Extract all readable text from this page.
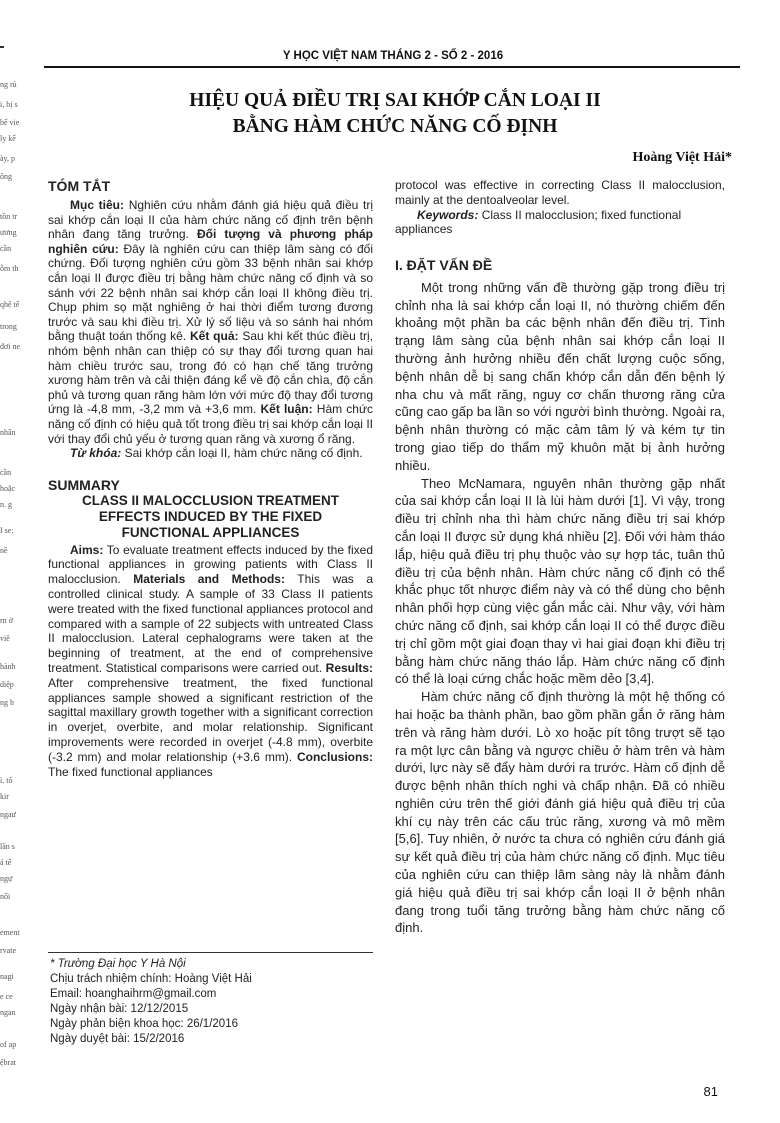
ng rủ
i, bị s
bể vie
ly kế
ày, p
ông
tồn tr
ương
cần
ỗm th
qhệ tế
trong
đơi ne
nhân
cần
hoặc
n. g
I se:
nề
rn ở
viê
hành
diệp
ng h
ì. tố
kir
ngaư
lần s
á tế
ngự
nối
ement
rvate
nagi
e ce
ngan
of ap
ệbrat
Y HỌC VIỆT NAM THÁNG 2 - SỐ 2 - 2016
HIỆU QUẢ ĐIỀU TRỊ SAI KHỚP CẮN LOẠI II
BẰNG HÀM CHỨC NĂNG CỐ ĐỊNH
Hoàng Việt Hải*
TÓM TẮT

Mục tiêu: Nghiên cứu nhằm đánh giá hiệu quả điều trị sai khớp cắn loại II của hàm chức năng cố định trên bệnh nhân đang tăng trưởng. Đối tượng và phương pháp nghiên cứu: Đây là nghiên cứu can thiệp lâm sàng có đối chứng. Đối tượng nghiên cứu gồm 33 bệnh nhân sai khớp cắn loại II được điều trị bằng hàm chức năng cố định và so sánh với 22 bệnh nhân sai khớp cắn loại II không điều trị. Chụp phim sọ mặt nghiêng ở hai thời điểm tương đương trước và sau khi điều trị. Xử lý số liệu và so sánh hai nhóm bằng thuật toán thống kê. Kết quả: Sau khi kết thúc điều trị, nhóm bệnh nhân can thiệp có sự thay đổi tương quan hai hàm chiều trước sau, trong đó có hạn chế tăng trưởng xương hàm trên và cải thiện đáng kể về độ cắn chìa, độ cắn phủ và tương quan răng hàm lớn với mức độ thay đổi tương ứng là -4,8 mm, -3,2 mm và +3,6 mm. Kết luận: Hàm chức năng cố định có hiệu quả tốt trong điều trị sai khớp cắn loại II với thay đổi chủ yếu ở tương quan răng và xương ổ răng.

Từ khóa: Sai khớp cắn loại II, hàm chức năng cố định.

SUMMARY
CLASS II MALOCCLUSION TREATMENT
EFFECTS INDUCED BY THE FIXED
FUNCTIONAL APPLIANCES

Aims: To evaluate treatment effects induced by the fixed functional appliances in growing patients with Class II malocclusion. Materials and Methods: This was a controlled clinical study. A sample of 33 Class II patients were treated with the fixed functional appliances protocol and compared with a sample of 22 subjects with untreated Class II malocclusion. Lateral cephalograms were taken at the beginning of treatment, at the end of comprehensive treatment. Statistical comparisons were carried out. Results: After comprehensive treatment, the fixed functional appliances sample showed a significant restriction of the sagittal maxillary growth together with a significant correction in overjet, overbite, and molar relationship. Significant improvements were recorded in overjet (-4.8 mm), overbite (-3.2 mm) and molar relationship (+3.6 mm). Conclusions: The fixed functional appliances

* Trường Đại học Y Hà Nội
Chịu trách nhiệm chính: Hoàng Việt Hải
Email: hoanghaihrm@gmail.com
Ngày nhận bài: 12/12/2015
Ngày phản biện khoa học: 26/1/2016
Ngày duyệt bài: 15/2/2016

protocol was effective in correcting Class II malocclusion, mainly at the dentoalveolar level.

Keywords: Class II malocclusion; fixed functional appliances

I. ĐẶT VẤN ĐỀ

Một trong những vấn đề thường gặp trong điều trị chỉnh nha là sai khớp cắn loại II, nó thường chiếm đến khoảng một phần ba các bệnh nhân đến điều trị. Tình trạng lâm sàng của bệnh nhân sai khớp cắn loại II thường ảnh hưởng nhiều đến chất lượng cuộc sống, bệnh nhân dễ bị sang chấn khớp cắn dẫn đến bệnh lý nha chu và mất răng, nguy cơ chấn thương răng cửa cũng cao gấp ba lần so với người bình thường. Ngoài ra, bệnh nhân thường có mặc cảm tâm lý và kém tự tin trong giao tiếp do thẩm mỹ khuôn mặt bị ảnh hưởng nhiều.

Theo McNamara, nguyên nhân thường gặp nhất của sai khớp cắn loại II là lùi hàm dưới [1]. Vì vậy, trong điều trị chỉnh nha thì hàm chức năng điều trị sai khớp cắn loại II được sử dụng khá nhiều [2]. Đối với hàm tháo lắp, hiệu quả điều trị phụ thuộc vào sự hợp tác, tuân thủ điều trị của bệnh nhân. Hàm chức năng cố định có thể khắc phục tốt nhược điểm này và có thể dùng cho bệnh nhân phối hợp cùng việc gắn mắc cài. Như vậy, với hàm chức năng cố định, sai khớp cắn loại II có thể được điều trị chỉ gồm một giai đoạn thay vì hai giai đoạn khi điều trị bằng hàm chức năng tháo lắp. Hàm chức năng cố định có thể là loại cứng chắc hoặc mềm dẻo [3,4].

Hàm chức năng cố định thường là một hệ thống có hai hoặc ba thành phần, bao gồm phần gắn ở răng hàm trên và răng hàm dưới. Lò xo hoặc pít tông trượt sẽ tạo ra một lực cân bằng và ngược chiều ở hàm trên và hàm dưới, lực này sẽ đẩy hàm dưới ra trước. Hàm cố định dễ được bệnh nhân thích nghi và chấp nhận. Đã có nhiều nghiên cứu trên thế giới đánh giá hiệu quả điều trị của khí cụ này trên các cấu trúc răng, xương và mô mềm [5,6]. Tuy nhiên, ở nước ta chưa có nghiên cứu đánh giá sự kết quả điều trị của hàm chức năng cố định. Mục tiêu của nghiên cứu can thiệp lâm sàng này là nhằm đánh giá hiệu quả điều trị sai khớp cắn loại II ở bệnh nhân đang trong tuổi tăng trưởng bằng hàm chức năng cố định.

81
